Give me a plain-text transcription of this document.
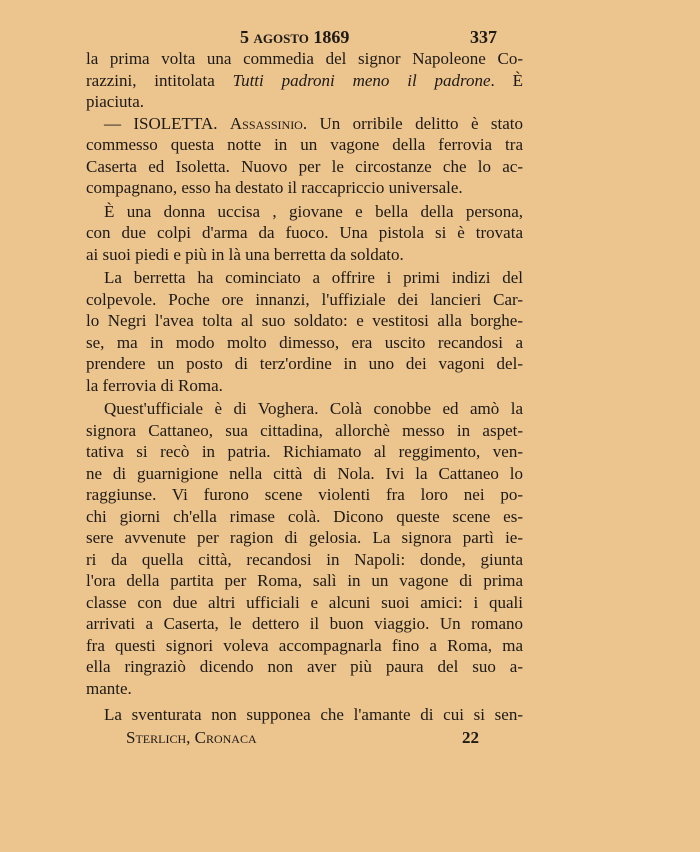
5 agosto 1869	337
la prima volta una commedia del signor Napoleone Co-
razzini, intitolata Tutti padroni meno il padrone. È
piaciuta.
— ISOLETTA. Assassinio. Un orribile delitto è stato
commesso questa notte in un vagone della ferrovia tra
Caserta ed Isoletta. Nuovo per le circostanze che lo ac-
compagnano, esso ha destato il raccapriccio universale.
È una donna uccisa , giovane e bella della persona,
con due colpi d'arma da fuoco. Una pistola si è trovata
ai suoi piedi e più in là una berretta da soldato.
La berretta ha cominciato a offrire i primi indizi del
colpevole. Poche ore innanzi, l'uffiziale dei lancieri Car-
lo Negri l'avea tolta al suo soldato: e vestitosi alla borghe-
se, ma in modo molto dimesso, era uscito recandosi a
prendere un posto di terz'ordine in uno dei vagoni del-
la ferrovia di Roma.
Quest'ufficiale è di Voghera. Colà conobbe ed amò la
signora Cattaneo, sua cittadina, allorchè messo in aspet-
tativa si recò in patria. Richiamato al reggimento, ven-
ne di guarnigione nella città di Nola. Ivi la Cattaneo lo
raggiunse. Vi furono scene violenti fra loro nei po-
chi giorni ch'ella rimase colà. Dicono queste scene es-
sere avvenute per ragion di gelosia. La signora partì ie-
ri da quella città, recandosi in Napoli: donde, giunta
l'ora della partita per Roma, salì in un vagone di prima
classe con due altri ufficiali e alcuni suoi amici: i quali
arrivati a Caserta, le dettero il buon viaggio. Un romano
fra questi signori voleva accompagnarla fino a Roma, ma
ella ringraziò dicendo non aver più paura del suo a-
mante.
La sventurata non supponea che l'amante di cui si sen-
Sterlich, Cronaca	22
